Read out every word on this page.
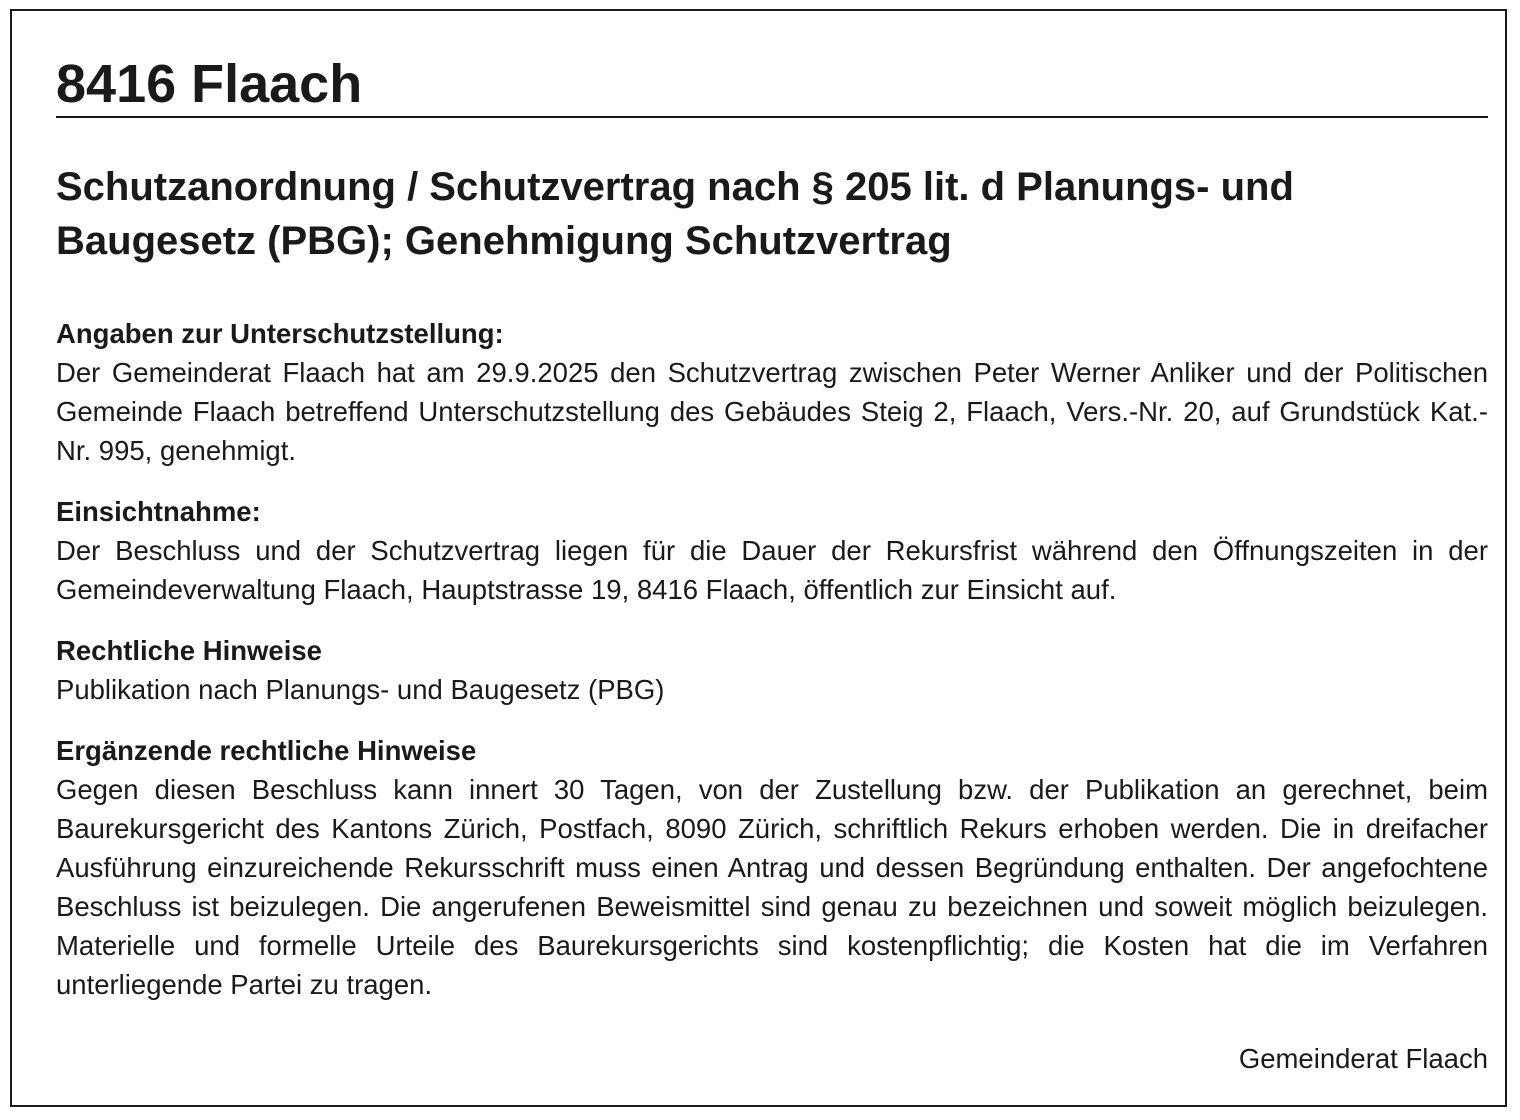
8416 Flaach
Schutzanordnung / Schutzvertrag nach § 205 lit. d Planungs- und Baugesetz (PBG); Genehmigung Schutzvertrag
Angaben zur Unterschutzstellung:
Der Gemeinderat Flaach hat am 29.9.2025 den Schutzvertrag zwischen Peter Werner Anliker und der Politischen Gemeinde Flaach betreffend Unterschutzstellung des Gebäudes Steig 2, Flaach, Vers.-Nr. 20, auf Grundstück Kat.-Nr. 995, genehmigt.
Einsichtnahme:
Der Beschluss und der Schutzvertrag liegen für die Dauer der Rekursfrist während den Öffnungszeiten in der Gemeindeverwaltung Flaach, Hauptstrasse 19, 8416 Flaach, öffentlich zur Einsicht auf.
Rechtliche Hinweise
Publikation nach Planungs- und Baugesetz (PBG)
Ergänzende rechtliche Hinweise
Gegen diesen Beschluss kann innert 30 Tagen, von der Zustellung bzw. der Publikation an gerechnet, beim Baurekursgericht des Kantons Zürich, Postfach, 8090 Zürich, schriftlich Rekurs erhoben werden. Die in dreifacher Ausführung einzureichende Rekursschrift muss einen Antrag und dessen Begründung enthalten. Der angefochtene Beschluss ist beizulegen. Die angerufenen Beweismittel sind genau zu bezeichnen und soweit möglich beizulegen. Materielle und formelle Urteile des Baurekursgerichts sind kostenpflichtig; die Kosten hat die im Verfahren unterliegende Partei zu tragen.
Gemeinderat Flaach
